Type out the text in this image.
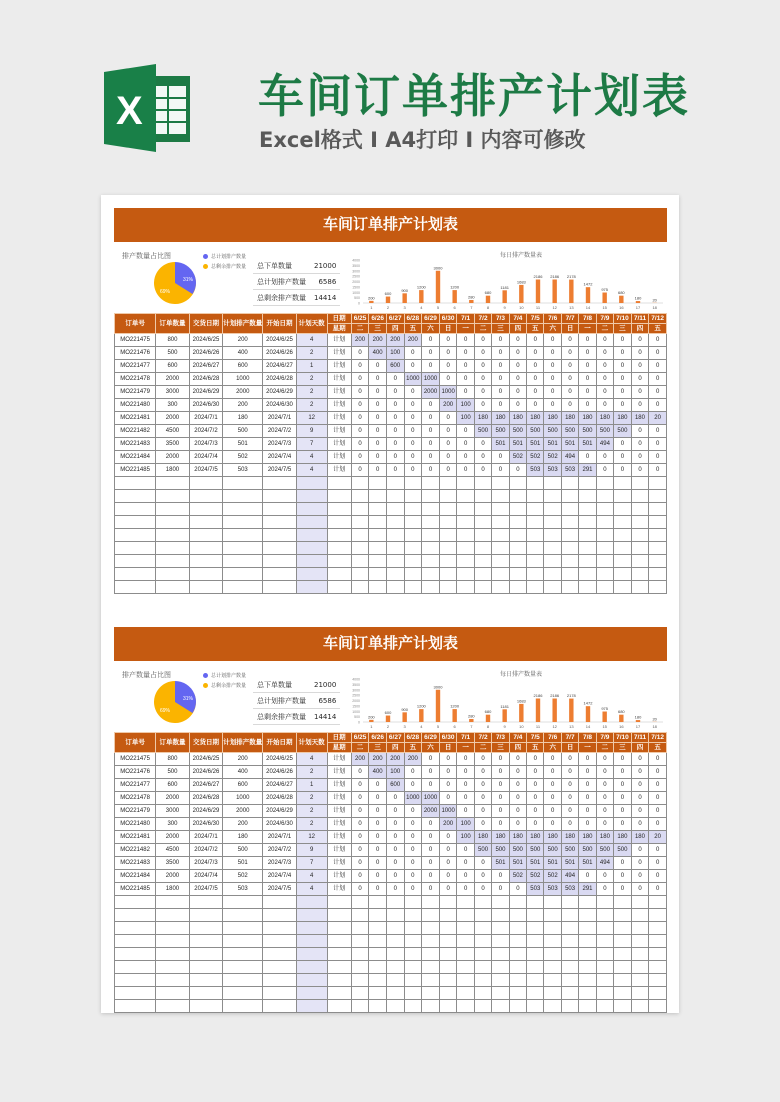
X	车间订单排产计划表
Excel格式 I A4打印 I 内容可修改
车间订单排产计划表
排产数量占比图
31%
69%
总计划排产数量
总剩余排产数量 总下单数量	21000
总计划排产数量	6586
总剩余排产数量	14414
每日排产数量表
4000
3500
3000
2500
2000
1500
1000
500
0
200
1
600
2
900
3
1200
4
3000
5
1200
6
280
7
680
8
1181
9
1683
10
2186
11
2186
12
2178
13
1472
14
975
15
680
16
180
17
20
18
订单号	订单数量	交货日期	计划排产数量	开始日期	计划天数	日期	6/25	6/26	6/27	6/28	6/29	6/30	7/1	7/2	7/3	7/4	7/5	7/6	7/7	7/8	7/9	7/10	7/11	7/12
						星期	二	三	四	五	六	日	一	二	三	四	五	六	日	一	二	三	四	五
MO221475	800	2024/6/25	200	2024/6/25	4	计划	200	200	200	200	0	0	0	0	0	0	0	0	0	0	0	0	0	0
MO221476	500	2024/6/26	400	2024/6/26	2	计划	0	400	100	0	0	0	0	0	0	0	0	0	0	0	0	0	0	0
MO221477	600	2024/6/27	600	2024/6/27	1	计划	0	0	600	0	0	0	0	0	0	0	0	0	0	0	0	0	0	0
MO221478	2000	2024/6/28	1000	2024/6/28	2	计划	0	0	0	1000	1000	0	0	0	0	0	0	0	0	0	0	0	0	0
MO221479	3000	2024/6/29	2000	2024/6/29	2	计划	0	0	0	0	2000	1000	0	0	0	0	0	0	0	0	0	0	0	0
MO221480	300	2024/6/30	200	2024/6/30	2	计划	0	0	0	0	0	200	100	0	0	0	0	0	0	0	0	0	0	0
MO221481	2000	2024/7/1	180	2024/7/1	12	计划	0	0	0	0	0	0	100	180	180	180	180	180	180	180	180	180	180	20
MO221482	4500	2024/7/2	500	2024/7/2	9	计划	0	0	0	0	0	0	0	500	500	500	500	500	500	500	500	500	0	0
MO221483	3500	2024/7/3	501	2024/7/3	7	计划	0	0	0	0	0	0	0	0	501	501	501	501	501	501	494	0	0	0
MO221484	2000	2024/7/4	502	2024/7/4	4	计划	0	0	0	0	0	0	0	0	0	502	502	502	494	0	0	0	0	0
MO221485	1800	2024/7/5	503	2024/7/5	4	计划	0	0	0	0	0	0	0	0	0	0	503	503	503	291	0	0	0	0

车间订单排产计划表
排产数量占比图
31%
69%
总计划排产数量
总剩余排产数量 总下单数量	21000
总计划排产数量	6586
总剩余排产数量	14414
每日排产数量表
4000
3500
3000
2500
2000
1500
1000
500
0
200
1
600
2
900
3
1200
4
3000
5
1200
6
280
7
680
8
1181
9
1683
10
2186
11
2186
12
2178
13
1472
14
975
15
680
16
180
17
20
18
订单号	订单数量	交货日期	计划排产数量	开始日期	计划天数	日期	6/25	6/26	6/27	6/28	6/29	6/30	7/1	7/2	7/3	7/4	7/5	7/6	7/7	7/8	7/9	7/10	7/11	7/12
						星期	二	三	四	五	六	日	一	二	三	四	五	六	日	一	二	三	四	五
MO221475	800	2024/6/25	200	2024/6/25	4	计划	200	200	200	200	0	0	0	0	0	0	0	0	0	0	0	0	0	0
MO221476	500	2024/6/26	400	2024/6/26	2	计划	0	400	100	0	0	0	0	0	0	0	0	0	0	0	0	0	0	0
MO221477	600	2024/6/27	600	2024/6/27	1	计划	0	0	600	0	0	0	0	0	0	0	0	0	0	0	0	0	0	0
MO221478	2000	2024/6/28	1000	2024/6/28	2	计划	0	0	0	1000	1000	0	0	0	0	0	0	0	0	0	0	0	0	0
MO221479	3000	2024/6/29	2000	2024/6/29	2	计划	0	0	0	0	2000	1000	0	0	0	0	0	0	0	0	0	0	0	0
MO221480	300	2024/6/30	200	2024/6/30	2	计划	0	0	0	0	0	200	100	0	0	0	0	0	0	0	0	0	0	0
MO221481	2000	2024/7/1	180	2024/7/1	12	计划	0	0	0	0	0	0	100	180	180	180	180	180	180	180	180	180	180	20
MO221482	4500	2024/7/2	500	2024/7/2	9	计划	0	0	0	0	0	0	0	500	500	500	500	500	500	500	500	500	0	0
MO221483	3500	2024/7/3	501	2024/7/3	7	计划	0	0	0	0	0	0	0	0	501	501	501	501	501	501	494	0	0	0
MO221484	2000	2024/7/4	502	2024/7/4	4	计划	0	0	0	0	0	0	0	0	0	502	502	502	494	0	0	0	0	0
MO221485	1800	2024/7/5	503	2024/7/5	4	计划	0	0	0	0	0	0	0	0	0	0	503	503	503	291	0	0	0	0
